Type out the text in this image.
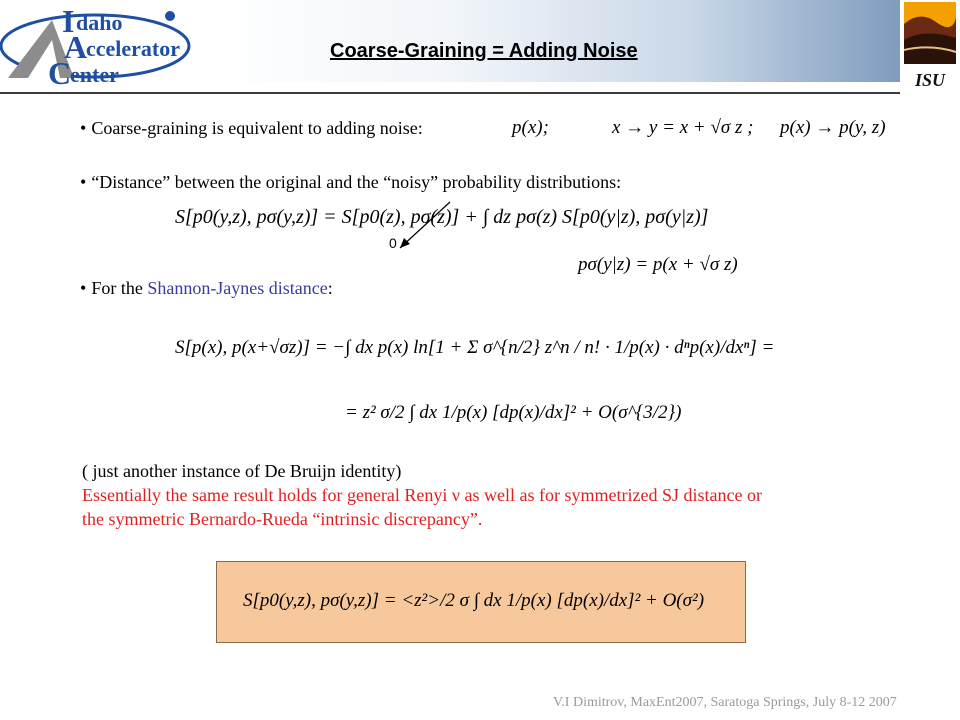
I daho
A
ccelerator
C
enter	ISU
Coarse-Graining = Adding Noise
• Coarse-graining is equivalent to adding noise:	p(x);	x → y = x + √σ z ; p(x) → p(y, z)
• “Distance” between the original and the “noisy” probability distributions:
S[p0(y,z), pσ(y,z)] = S[p0(z), pσ(z)] + ∫ dz pσ(z) S[p0(y|z), pσ(y|z)]
0
pσ(y|z) = p(x + √σ z)
• For the Shannon-Jaynes distance:
S[p(x), p(x+√σz)] = −∫ dx p(x) ln[1 + Σ σ^{n/2} z^n / n! · 1/p(x) · dⁿp(x)/dxⁿ] =
= z² σ/2 ∫ dx 1/p(x) [dp(x)/dx]² + O(σ^{3/2})
( just another instance of De Bruijn identity)
Essentially the same result holds for general Renyi ν as well as for symmetrized SJ distance or
the symmetric Bernardo-Rueda “intrinsic discrepancy”.
S[p0(y,z), pσ(y,z)] = <z²>/2 σ ∫ dx 1/p(x) [dp(x)/dx]² + O(σ²)
V.I Dimitrov, MaxEnt2007, Saratoga Springs, July 8-12 2007
